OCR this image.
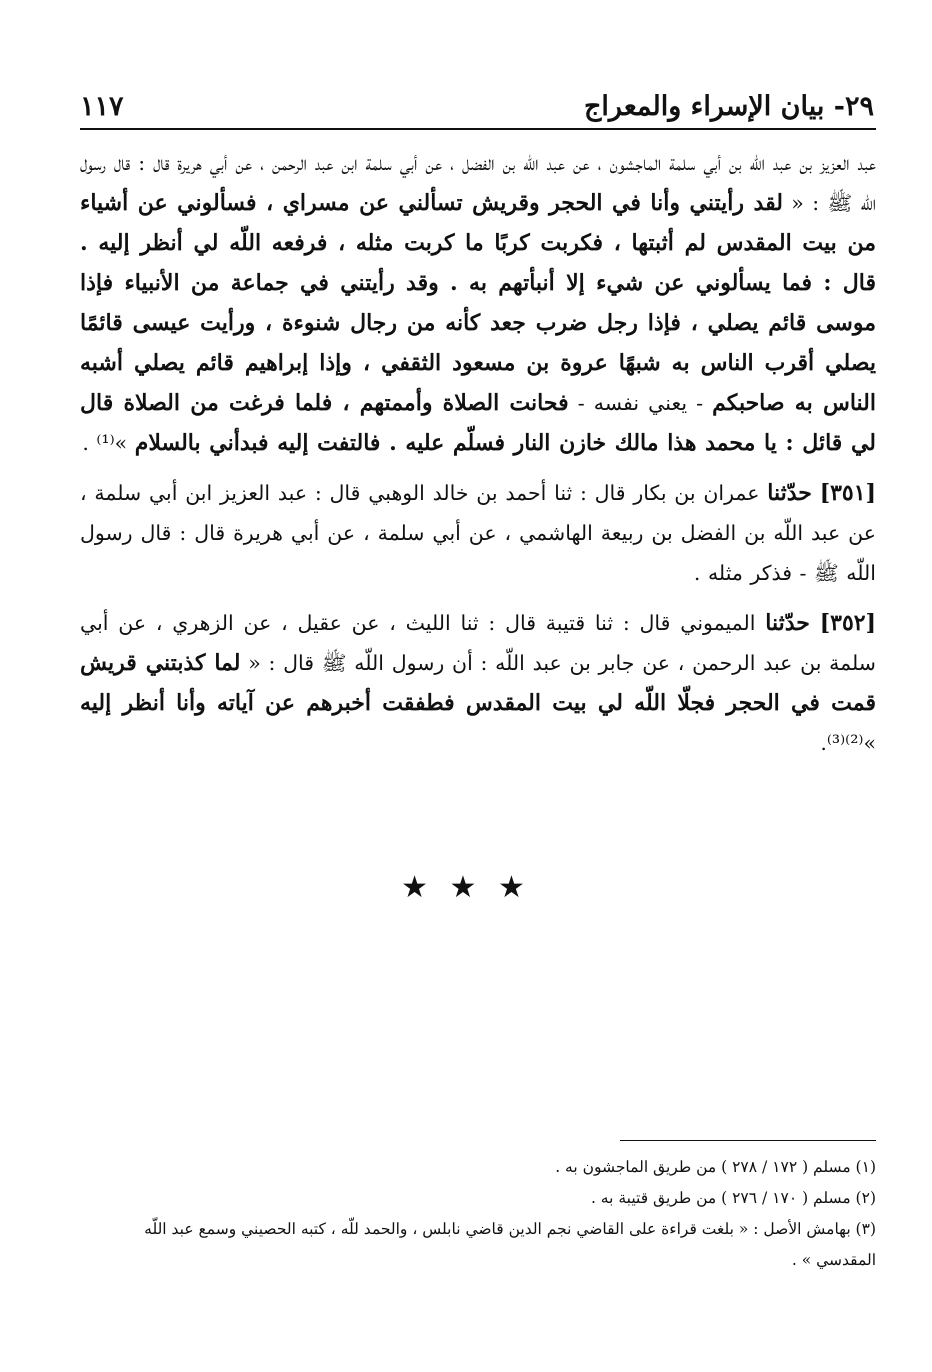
١١٧	٢٩- بيان الإسراء والمعراج

عبد العزيز بن عبد اللّه بن أبي سلمة الماجشون ، عن عبد اللّه بن الفضل ، عن أبي سلمة ابن عبد الرحمن ، عن أبي هريرة قال : قال رسول اللّه ﷺ : « لقد رأيتني وأنا في الحجر وقريش تسألني عن مسراي ، فسألوني عن أشياء من بيت المقدس لم أثبتها ، فكربت كربًا ما كربت مثله ، فرفعه اللّه لي أنظر إليه . قال : فما يسألوني عن شيء إلا أنبأتهم به . وقد رأيتني في جماعة من الأنبياء فإذا موسى قائم يصلي ، فإذا رجل ضرب جعد كأنه من رجال شنوءة ، ورأيت عيسى قائمًا يصلي أقرب الناس به شبهًا عروة بن مسعود الثقفي ، وإذا إبراهيم قائم يصلي أشبه الناس به صاحبكم - يعني نفسه - فحانت الصلاة وأممتهم ، فلما فرغت من الصلاة قال لي قائل : يا محمد هذا مالك خازن النار فسلّم عليه . فالتفت إليه فبدأني بالسلام »⁽¹⁾ .

[٣٥١] حدّثنا عمران بن بكار قال : ثنا أحمد بن خالد الوهبي قال : عبد العزيز ابن أبي سلمة ، عن عبد اللّه بن الفضل بن ربيعة الهاشمي ، عن أبي سلمة ، عن أبي هريرة قال : قال رسول اللّه ﷺ - فذكر مثله .

[٣٥٢] حدّثنا الميموني قال : ثنا قتيبة قال : ثنا الليث ، عن عقيل ، عن الزهري ، عن أبي سلمة بن عبد الرحمن ، عن جابر بن عبد اللّه : أن رسول اللّه ﷺ قال : « لما كذبتني قريش قمت في الحجر فجلّا اللّه لي بيت المقدس فطفقت أخبرهم عن آياته وأنا أنظر إليه »⁽²⁾⁽³⁾.

★ ★ ★

(١) مسلم ( ١٧٢ / ٢٧٨ ) من طريق الماجشون به .

(٢) مسلم ( ١٧٠ / ٢٧٦ ) من طريق قتيبة به .

(٣) بهامش الأصل : « بلغت قراءة على القاضي نجم الدين قاضي نابلس ، والحمد للّه ، كتبه الحصيني وسمع عبد اللّه المقدسي » .
